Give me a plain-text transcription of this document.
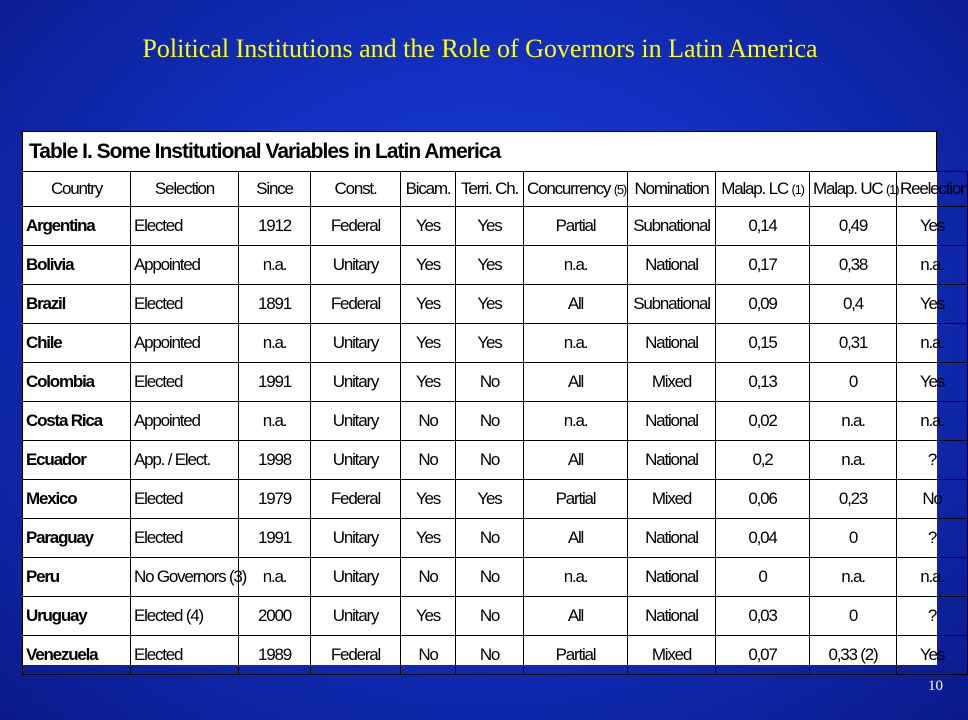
Political Institutions and the Role of Governors in Latin America
Table I. Some Institutional Variables in Latin America
Country	Selection	Since	Const.	Bicam.	Terri. Ch.	Concurrency (5)	Nomination	Malap. LC (1)	Malap. UC (1)	Reelection
Argentina	Elected	1912	Federal	Yes	Yes	Partial	Subnational	0,14	0,49	Yes
Bolivia	Appointed	n.a.	Unitary	Yes	Yes	n.a.	National	0,17	0,38	n.a.
Brazil	Elected	1891	Federal	Yes	Yes	All	Subnational	0,09	0,4	Yes
Chile	Appointed	n.a.	Unitary	Yes	Yes	n.a.	National	0,15	0,31	n.a.
Colombia	Elected	1991	Unitary	Yes	No	All	Mixed	0,13	0	Yes
Costa Rica	Appointed	n.a.	Unitary	No	No	n.a.	National	0,02	n.a.	n.a.
Ecuador	App. / Elect.	1998	Unitary	No	No	All	National	0,2	n.a.	?
Mexico	Elected	1979	Federal	Yes	Yes	Partial	Mixed	0,06	0,23	No
Paraguay	Elected	1991	Unitary	Yes	No	All	National	0,04	0	?
Peru	No Governors (3)	n.a.	Unitary	No	No	n.a.	National	0	n.a.	n.a.
Uruguay	Elected (4)	2000	Unitary	Yes	No	All	National	0,03	0	?
Venezuela	Elected	1989	Federal	No	No	Partial	Mixed	0,07	0,33 (2)	Yes
10
